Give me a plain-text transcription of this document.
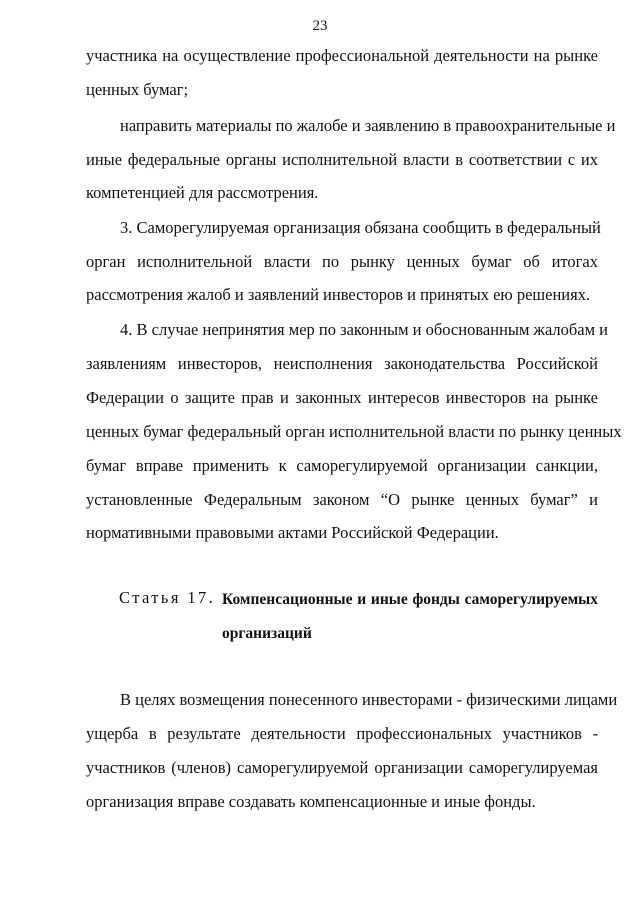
23
участника на осуществление профессиональной деятельности на рынке
ценных бумаг;
направить материалы по жалобе и заявлению в правоохранительные и
иные федеральные органы исполнительной власти в соответствии с их
компетенцией для рассмотрения.
3. Саморегулируемая организация обязана сообщить в федеральный
орган исполнительной власти по рынку ценных бумаг об итогах
рассмотрения жалоб и заявлений инвесторов и принятых ею решениях.
4. В случае непринятия мер по законным и обоснованным жалобам и
заявлениям инвесторов, неисполнения законодательства Российской
Федерации о защите прав и законных интересов инвесторов на рынке
ценных бумаг федеральный орган исполнительной власти по рынку ценных
бумаг вправе применить к саморегулируемой организации санкции,
установленные Федеральным законом “О рынке ценных бумаг” и
нормативными правовыми актами Российской Федерации.
Статья 17. Компенсационные и иные фонды саморегулируемых
организаций
В целях возмещения понесенного инвесторами - физическими лицами
ущерба в результате деятельности профессиональных участников -
участников (членов) саморегулируемой организации саморегулируемая
организация вправе создавать компенсационные и иные фонды.
